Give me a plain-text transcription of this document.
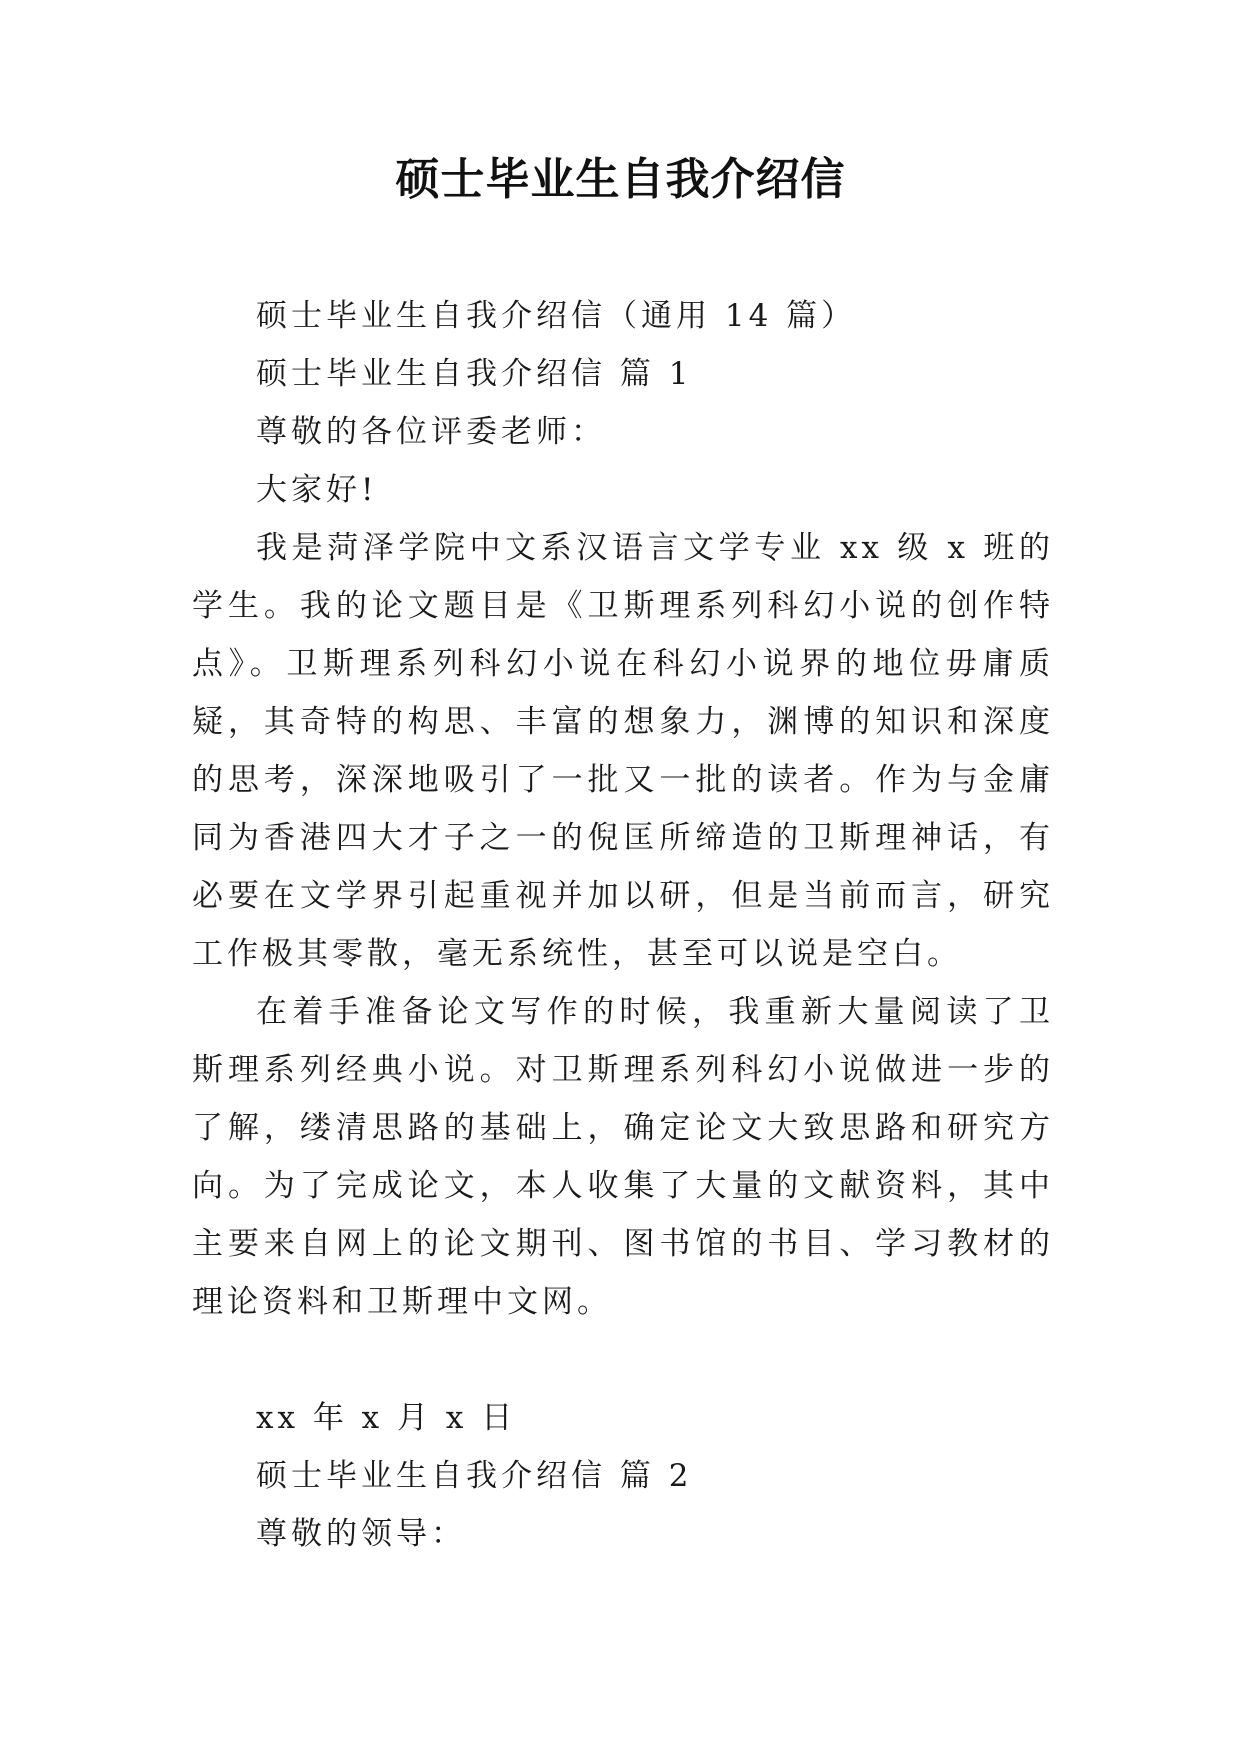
硕士毕业生自我介绍信
硕士毕业生自我介绍信（通用 14 篇）
硕士毕业生自我介绍信 篇 1
尊敬的各位评委老师：
大家好!
我是菏泽学院中文系汉语言文学专业 xx 级 x 班的学生。我的论文题目是《卫斯理系列科幻小说的创作特点》。卫斯理系列科幻小说在科幻小说界的地位毋庸质疑，其奇特的构思、丰富的想象力，渊博的知识和深度的思考，深深地吸引了一批又一批的读者。作为与金庸同为香港四大才子之一的倪匡所缔造的卫斯理神话，有必要在文学界引起重视并加以研，但是当前而言，研究工作极其零散，毫无系统性，甚至可以说是空白。
在着手准备论文写作的时候，我重新大量阅读了卫斯理系列经典小说。对卫斯理系列科幻小说做进一步的了解，缕清思路的基础上，确定论文大致思路和研究方向。为了完成论文，本人收集了大量的文献资料，其中主要来自网上的论文期刊、图书馆的书目、学习教材的理论资料和卫斯理中文网。
xx 年 x 月 x 日
硕士毕业生自我介绍信 篇 2
尊敬的领导：
